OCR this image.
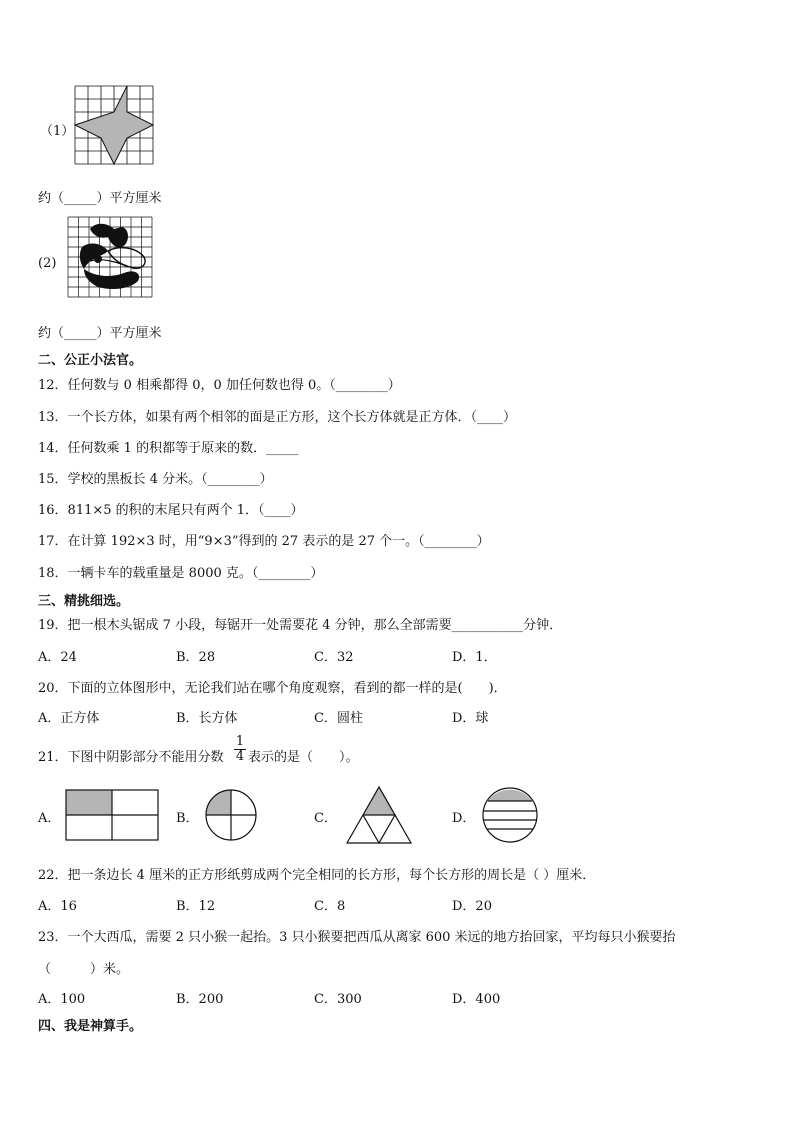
（1）
约（_____）平方厘米
(2)
约（_____）平方厘米
二、公正小法官。
12．任何数与 0 相乘都得 0，0 加任何数也得 0。（________）
13．一个长方体，如果有两个相邻的面是正方形，这个长方体就是正方体．（____）
14．任何数乘 1 的积都等于原来的数．_____
15．学校的黑板长 4 分米。（________）
16．811×5 的积的末尾只有两个 1．（____）
17．在计算 192×3 时，用“9×3”得到的 27 表示的是 27 个一。（________）
18．一辆卡车的载重量是 8000 克。（________）
三、精挑细选。
19．把一根木头锯成 7 小段，每锯开一处需要花 4 分钟，那么全部需要___________分钟．
A．24	B．28	C．32	D．1．
20．下面的立体图形中，无论我们站在哪个角度观察，看到的都一样的是(　　)．
A．正方体	B．长方体	C．圆柱	D．球
21．下图中阴影部分不能用分数 $\frac{1}{4}$ 表示的是（　　）。
A．	B．	C．	D．
22．把一条边长 4 厘米的正方形纸剪成两个完全相同的长方形，每个长方形的周长是（ ）厘米．
A．16	B．12	C．8	D．20
23．一个大西瓜，需要 2 只小猴一起抬。3 只小猴要把西瓜从离家 600 米远的地方抬回家，平均每只小猴要抬
（　　　）米。
A．100	B．200	C．300	D．400
四、我是神算手。
